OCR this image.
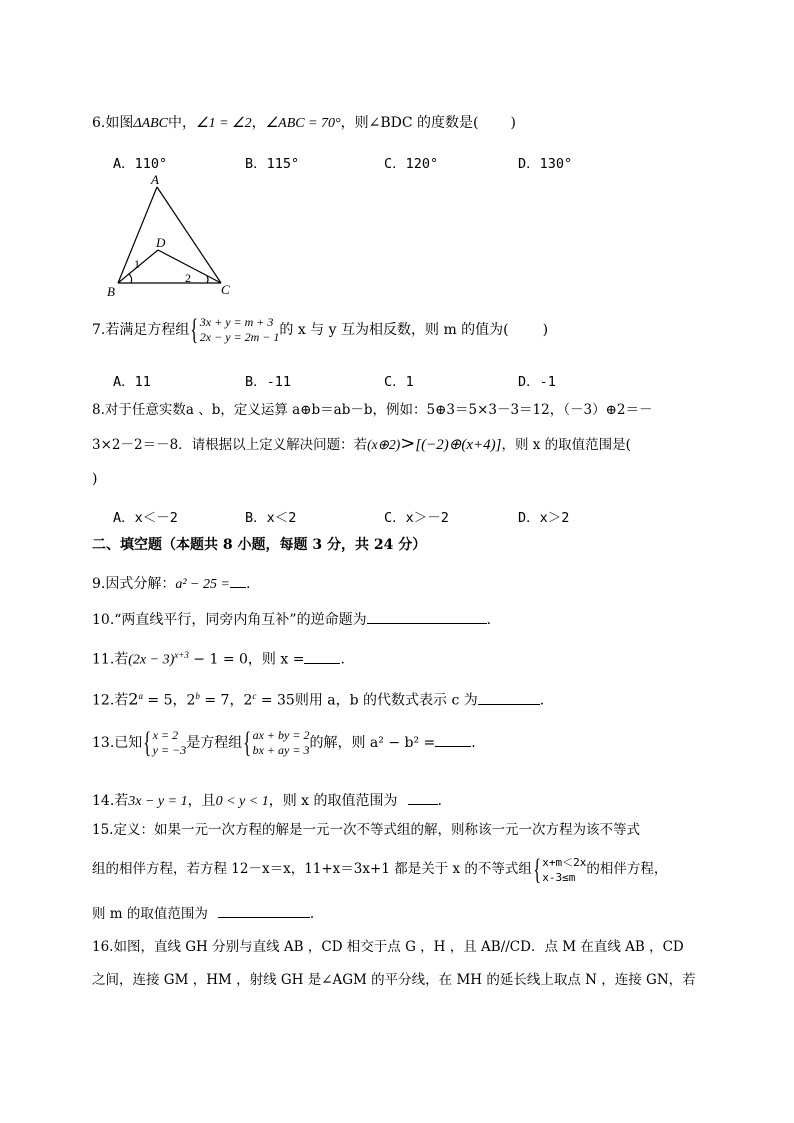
6.如图ΔABC中，∠1 = ∠2，∠ABC = 70°，则∠BDC 的度数是( )
A．110°	B．115°	C．120°	D．130°
A
B	C
D
1
2
7.若满足方程组{3x + y = m + 3
2x − y = 2m − 1的 x 与 y 互为相反数，则 m 的值为( )
A．11	B．-11	C．1	D．-1
8.对于任意实数a 、b，定义运算 a⊕b＝ab－b，例如：5⊕3＝5×3－3＝12，（－3）⊕2＝－
3×2－2＝－8．请根据以上定义解决问题：若(x⊕2)>[(−2)⊕(x+4)]，则 x 的取值范围是(
)
A．x＜－2	B．x＜2	C．x＞－2	D．x＞2
二、填空题（本题共 8 小题，每题 3 分，共 24 分）
9.因式分解：a² − 25 = .
10.“两直线平行，同旁内角互补”的逆命题为	.
11.若$(2x - 3)^{x+3} - 1 = 0$，则 x =	.
12.若$2^a = 5$，$2^b = 7$，$2^c = 35$则用 a，b 的代数式表示 c 为	.
13.已知{x = 2
y = −3是方程组{ax + by = 2
bx + ay = 3的解，则 a² − b² =	.
14.若3x − y = 1，且0 < y < 1，则 x 的取值范围为	.
15.定义：如果一元一次方程的解是一元一次不等式组的解，则称该一元一次方程为该不等式
组的相伴方程，若方程 12－x＝x，11+x＝3x+1 都是关于 x 的不等式组{x+m＜2x
x-3≤m 的相伴方程，
则 m 的取值范围为	.
16.如图，直线 GH 分别与直线 AB ，CD 相交于点 G ，H ，且 AB//CD．点 M 在直线 AB ，CD
之间，连接 GM ，HM ，射线 GH 是∠AGM 的平分线，在 MH 的延长线上取点 N ，连接 GN，若
